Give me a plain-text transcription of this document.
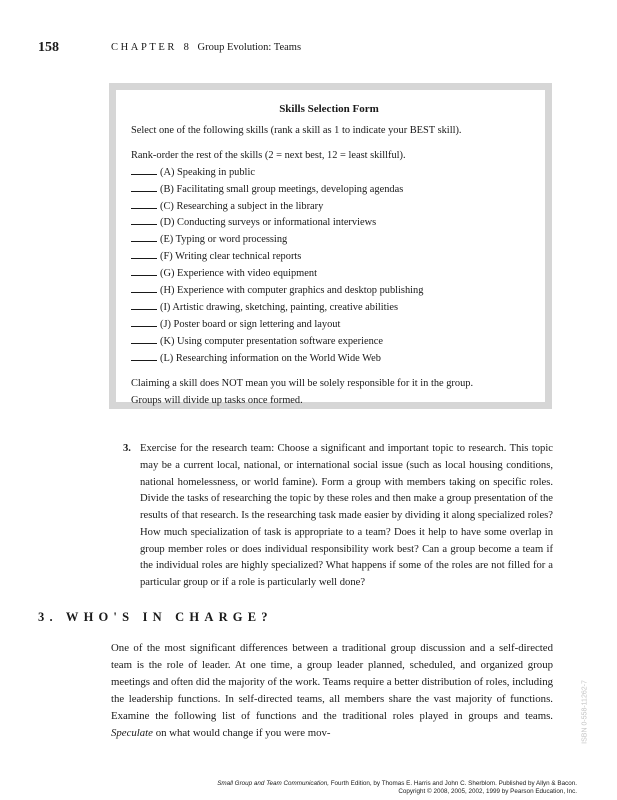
158	CHAPTER 8 Group Evolution: Teams
Skills Selection Form

Select one of the following skills (rank a skill as 1 to indicate your BEST skill).

Rank-order the rest of the skills (2 = next best, 12 = least skillful).

(A) Speaking in public
(B) Facilitating small group meetings, developing agendas
(C) Researching a subject in the library
(D) Conducting surveys or informational interviews
(E) Typing or word processing
(F) Writing clear technical reports
(G) Experience with video equipment
(H) Experience with computer graphics and desktop publishing
(I) Artistic drawing, sketching, painting, creative abilities
(J) Poster board or sign lettering and layout
(K) Using computer presentation software experience
(L) Researching information on the World Wide Web

Claiming a skill does NOT mean you will be solely responsible for it in the group.

Groups will divide up tasks once formed.

3. Exercise for the research team: Choose a significant and important topic to research. This topic may be a current local, national, or international social issue (such as local housing conditions, national homelessness, or world famine). Form a group with members taking on specific roles. Divide the tasks of researching the topic by these roles and then make a group presentation of the results of that research. Is the researching task made easier by dividing it along specialized roles? How much specialization of task is appropriate to a team? Does it help to have some overlap in group member roles or does individual responsibility work best? Can a group become a team if the individual roles are highly specialized? What happens if some of the roles are not filled for a particular group or if a role is particularly well done?
3. WHO'S IN CHARGE?
One of the most significant differences between a traditional group discussion and a self-directed team is the role of leader. At one time, a group leader planned, scheduled, and organized group meetings and often did the majority of the work. Teams require a better distribution of roles, including the leadership functions. In self-directed teams, all members share the vast majority of functions. Examine the following list of functions and the traditional roles played in groups and teams. Speculate on what would change if you were mov-	ISBN 0-558-11262-7
Small Group and Team Communication, Fourth Edition, by Thomas E. Harris and John C. Sherblom. Published by Allyn & Bacon.
Copyright © 2008, 2005, 2002, 1999 by Pearson Education, Inc.
